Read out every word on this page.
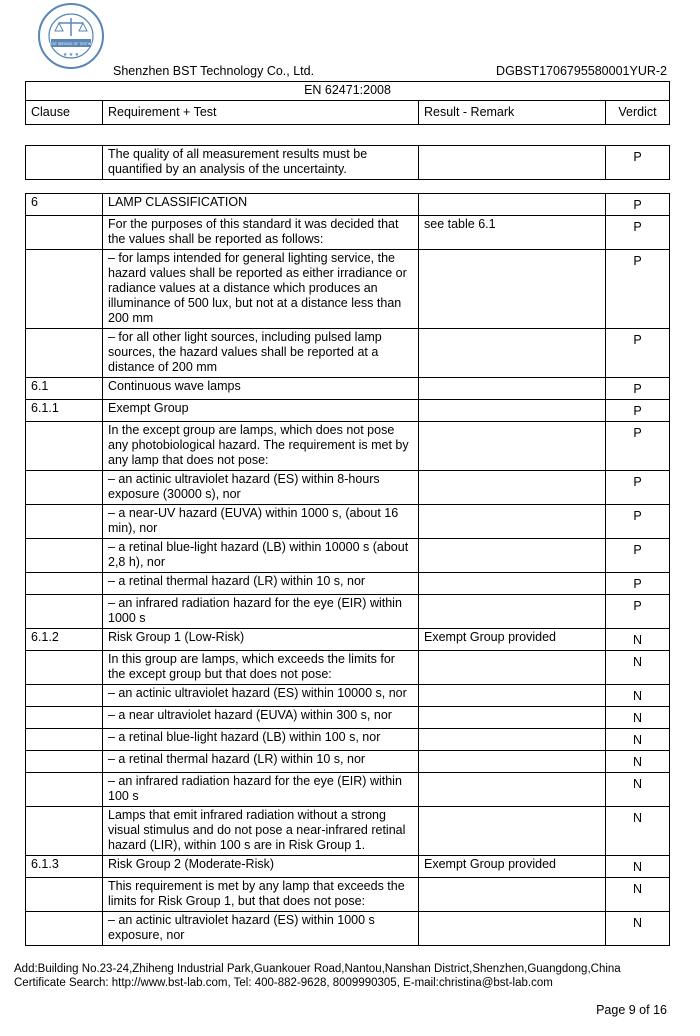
BEST SERVICE OF TESTING
★ ★ ★
Shenzhen BST Technology Co., Ltd.	DGBST1706795580001YUR-2
EN 62471:2008
Clause	Requirement + Test	Result - Remark	Verdict
	The quality of all measurement results must be quantified by an analysis of the uncertainty.		P
6	LAMP CLASSIFICATION		P
	For the purposes of this standard it was decided that the values shall be reported as follows:	see table 6.1	P
	– for lamps intended for general lighting service, the hazard values shall be reported as either irradiance or radiance values at a distance which produces an illuminance of 500 lux, but not at a distance less than 200 mm		P
	– for all other light sources, including pulsed lamp sources, the hazard values shall be reported at a distance of 200 mm		P
6.1	Continuous wave lamps		P
6.1.1	Exempt Group		P
	In the except group are lamps, which does not pose any photobiological hazard. The requirement is met by any lamp that does not pose:		P
	– an actinic ultraviolet hazard (ES) within 8-hours exposure (30000 s), nor		P
	– a near-UV hazard (EUVA) within 1000 s, (about 16 min), nor		P
	– a retinal blue-light hazard (LB) within 10000 s (about 2,8 h), nor		P
	– a retinal thermal hazard (LR) within 10 s, nor		P
	– an infrared radiation hazard for the eye (EIR) within 1000 s		P
6.1.2	Risk Group 1 (Low-Risk)	Exempt Group provided	N
	In this group are lamps, which exceeds the limits for the except group but that does not pose:		N
	– an actinic ultraviolet hazard (ES) within 10000 s, nor		N
	– a near ultraviolet hazard (EUVA) within 300 s, nor		N
	– a retinal blue-light hazard (LB) within 100 s, nor		N
	– a retinal thermal hazard (LR) within 10 s, nor		N
	– an infrared radiation hazard for the eye (EIR) within 100 s		N
	Lamps that emit infrared radiation without a strong visual stimulus and do not pose a near-infrared retinal hazard (LIR), within 100 s are in Risk Group 1.		N
6.1.3	Risk Group 2 (Moderate-Risk)	Exempt Group provided	N
	This requirement is met by any lamp that exceeds the limits for Risk Group 1, but that does not pose:		N
	– an actinic ultraviolet hazard (ES) within 1000 s exposure, nor		N
Add:Building No.23-24,Zhiheng Industrial Park,Guankouer Road,Nantou,Nanshan District,Shenzhen,Guangdong,China
Certificate Search: http://www.bst-lab.com, Tel: 400-882-9628, 8009990305, E-mail:christina@bst-lab.com
Page 9 of 16
